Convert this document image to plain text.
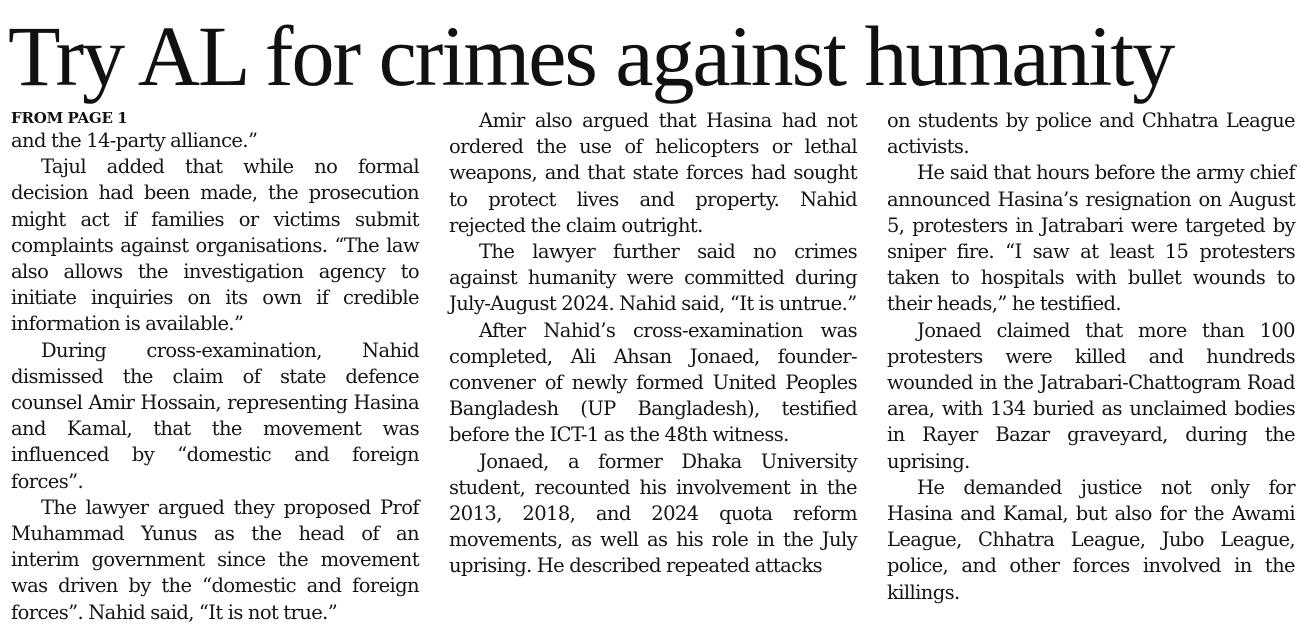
Try AL for crimes against humanity
FROM PAGE 1

and the 14-party alliance.”

Tajul added that while no formal decision had been made, the prosecution might act if families or victims submit complaints against organisations. “The law also allows the investigation agency to initiate inquiries on its own if credible information is available.”

During cross-examination, Nahid dismissed the claim of state defence counsel Amir Hossain, representing Hasina and Kamal, that the movement was influenced by “domestic and foreign forces”.

The lawyer argued they proposed Prof Muhammad Yunus as the head of an interim government since the movement was driven by the “domestic and foreign forces”. Nahid said, “It is not true.”

Amir also argued that Hasina had not ordered the use of helicopters or lethal weapons, and that state forces had sought to protect lives and property. Nahid rejected the claim outright.

The lawyer further said no crimes against humanity were committed during July-August 2024. Nahid said, “It is untrue.”

After Nahid’s cross-examination was completed, Ali Ahsan Jonaed, founder-convener of newly formed United Peoples Bangladesh (UP Bangladesh), testified before the ICT-1 as the 48th witness.

Jonaed, a former Dhaka University student, recounted his involvement in the 2013, 2018, and 2024 quota reform movements, as well as his role in the July uprising. He described repeated attacks

on students by police and Chhatra League activists.

He said that hours before the army chief announced Hasina’s resignation on August 5, protesters in Jatrabari were targeted by sniper fire. “I saw at least 15 protesters taken to hospitals with bullet wounds to their heads,” he testified.

Jonaed claimed that more than 100 protesters were killed and hundreds wounded in the Jatrabari-Chattogram Road area, with 134 buried as unclaimed bodies in Rayer Bazar graveyard, during the uprising.

He demanded justice not only for Hasina and Kamal, but also for the Awami League, Chhatra League, Jubo League, police, and other forces involved in the killings.
